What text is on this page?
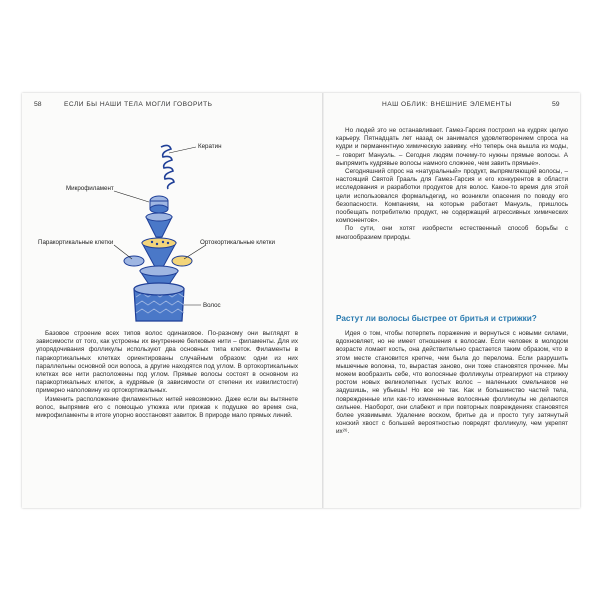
58	ЕСЛИ БЫ НАШИ ТЕЛА МОГЛИ ГОВОРИТЬ
Кератин
Микрофиламент
Паракортикальные клетки	Ортокортикальные клетки
Волос

Базовое строение всех типов волос одинаковое. По-разному они выглядят в зависимости от того, как устроены их внутренние белковые нити – филаменты. Для их упорядочивания фолликулы используют два основных типа клеток. Филаменты в паракортикальных клетках ориентированы случайным образом: одни из них параллельны основной оси волоса, а другие находятся под углом. В ортокортикальных клетках все нити расположены под углом. Прямые волосы состоят в основном из паракортикальных клеток, а кудрявые (в зависимости от степени их извилистости) примерно наполовину из ортокортикальных.

Изменить расположение филаментных нитей невозможно. Даже если вы вытянете волос, выпрямив его с помощью утюжка или прижав к подушке во время сна, микрофиламенты в итоге упорно восстановят завиток. В природе мало прямых линий.

НАШ ОБЛИК: ВНЕШНИЕ ЭЛЕМЕНТЫ	59

Но людей это не останавливает. Гамез-Гарсия построил на кудрях целую карьеру. Пятнадцать лет назад он занимался удовлетворением спроса на кудри и перманентную химическую завивку. «Но теперь она вышла из моды, – говорит Мануэль. – Сегодня людям почему-то нужны прямые волосы. А выпрямить кудрявые волосы намного сложнее, чем завить прямые».

Сегодняшний спрос на «натуральный» продукт, выпрямляющий волосы, – настоящий Святой Грааль для Гамез-Гарсия и его конкурентов в области исследования и разработки продуктов для волос. Какое-то время для этой цели использовался формальдегид, но возникли опасения по поводу его безопасности. Компаниям, на которые работает Мануэль, пришлось пообещать потребителю продукт, не содержащий агрессивных химических компонентов».

По сути, они хотят изобрести естественный способ борьбы с многообразием природы.

Растут ли волосы быстрее от бритья и стрижки?

Идея о том, чтобы потерпеть поражение и вернуться с новыми силами, вдохновляет, но не имеет отношения к волосам. Если человек в молодом возрасте ломает кость, она действительно срастается таким образом, что в этом месте становится крепче, чем была до перелома. Если разрушить мышечные волокна, то, вырастая заново, они тоже становятся прочнее. Мы можем вообразить себе, что волосяные фолликулы отреагируют на стрижку ростом новых великолепных густых волос – маленьких смельчаков не задушишь, не убьешь! Но все не так. Как и большинство частей тела, поврежденные или как-то измененные волосяные фолликулы не делаются сильнее. Наоборот, они слабеют и при повторных повреждениях становятся более уязвимыми. Удаление воском, бритье да и просто тугу затянутый конский хвост с большей вероятностью повредят фолликулу, чем укрепят их²⁶.
